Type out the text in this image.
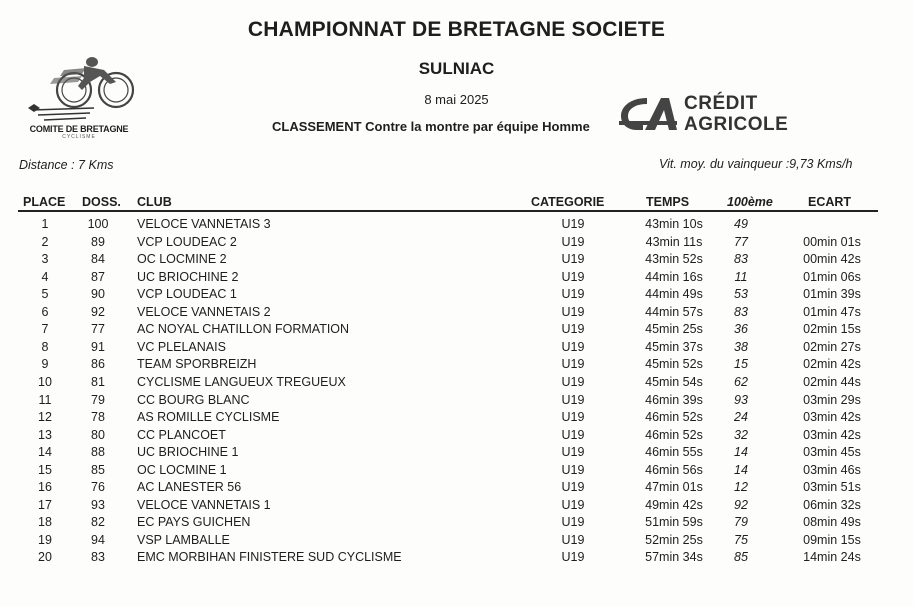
CHAMPIONNAT DE BRETAGNE SOCIETE
SULNIAC
8 mai 2025
CLASSEMENT Contre la montre par équipe Homme
COMITE DE BRETAGNE
CYCLISME
CRÉDIT
AGRICOLE
Distance : 7 Kms	Vit. moy. du vainqueur :9,73 Kms/h
PLACE DOSS. CLUB	CATEGORIE	TEMPS	100ème	ECART
1	100	VELOCE VANNETAIS 3	U19	43min 10s	49
2	89	VCP LOUDEAC 2	U19	43min 11s	77	00min 01s
3	84	OC LOCMINE 2	U19	43min 52s	83	00min 42s
4	87	UC BRIOCHINE 2	U19	44min 16s	11	01min 06s
5	90	VCP LOUDEAC 1	U19	44min 49s	53	01min 39s
6	92	VELOCE VANNETAIS 2	U19	44min 57s	83	01min 47s
7	77	AC NOYAL CHATILLON FORMATION	U19	45min 25s	36	02min 15s
8	91	VC PLELANAIS	U19	45min 37s	38	02min 27s
9	86	TEAM SPORBREIZH	U19	45min 52s	15	02min 42s
10	81	CYCLISME LANGUEUX TREGUEUX	U19	45min 54s	62	02min 44s
11	79	CC BOURG BLANC	U19	46min 39s	93	03min 29s
12	78	AS ROMILLE CYCLISME	U19	46min 52s	24	03min 42s
13	80	CC PLANCOET	U19	46min 52s	32	03min 42s
14	88	UC BRIOCHINE 1	U19	46min 55s	14	03min 45s
15	85	OC LOCMINE 1	U19	46min 56s	14	03min 46s
16	76	AC LANESTER 56	U19	47min 01s	12	03min 51s
17	93	VELOCE VANNETAIS 1	U19	49min 42s	92	06min 32s
18	82	EC PAYS GUICHEN	U19	51min 59s	79	08min 49s
19	94	VSP LAMBALLE	U19	52min 25s	75	09min 15s
20	83	EMC MORBIHAN FINISTERE SUD CYCLISME	U19	57min 34s	85	14min 24s
